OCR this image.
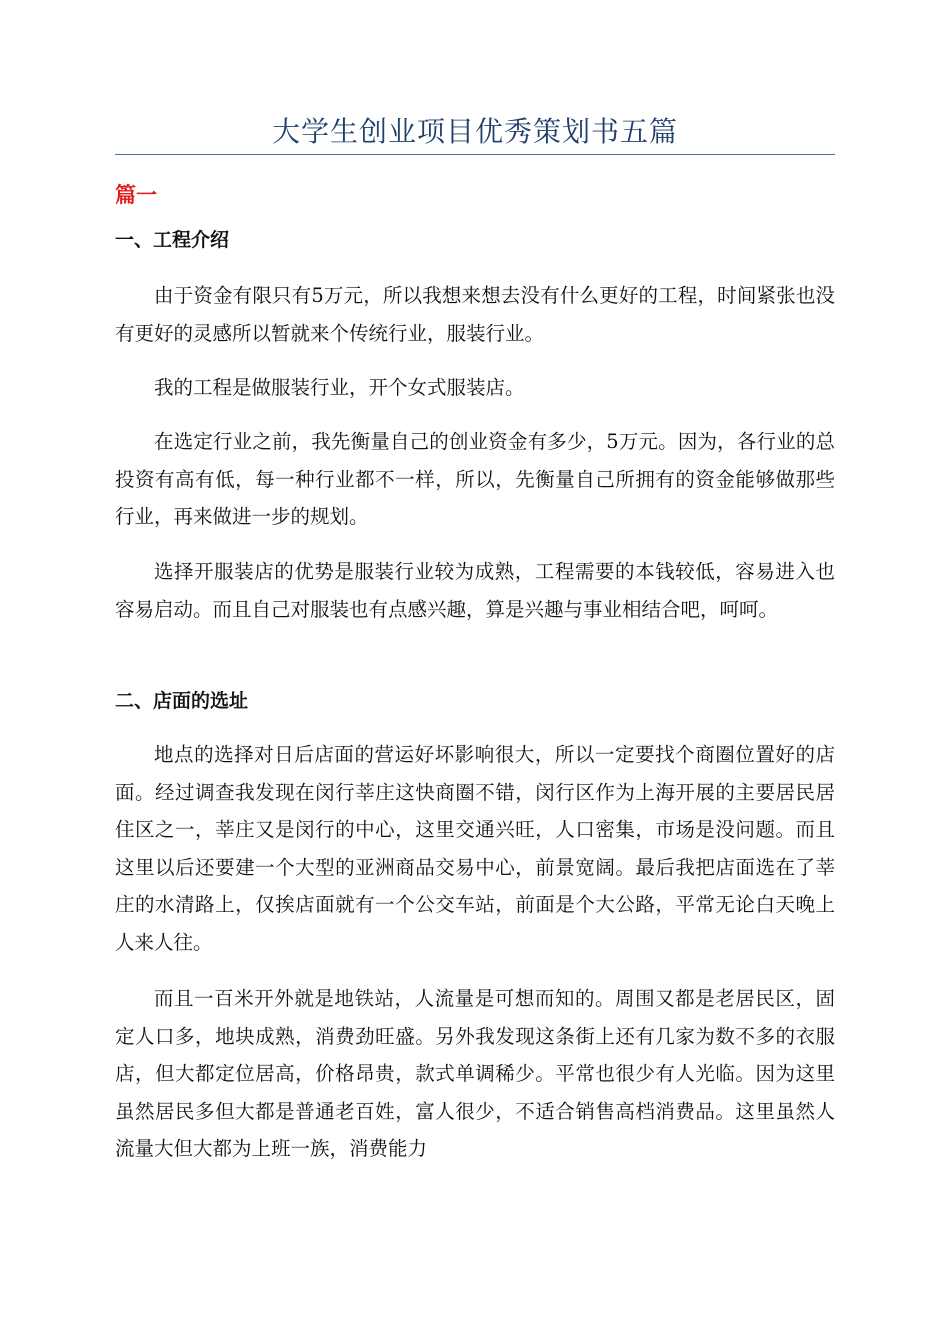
大学生创业项目优秀策划书五篇
篇一
一、工程介绍

由于资金有限只有5万元，所以我想来想去没有什么更好的工程，时间紧张也没有更好的灵感所以暂就来个传统行业，服装行业。

我的工程是做服装行业，开个女式服装店。

在选定行业之前，我先衡量自己的创业资金有多少，5万元。因为，各行业的总投资有高有低，每一种行业都不一样，所以，先衡量自己所拥有的资金能够做那些行业，再来做进一步的规划。

选择开服装店的优势是服装行业较为成熟，工程需要的本钱较低，容易进入也容易启动。而且自己对服装也有点感兴趣，算是兴趣与事业相结合吧，呵呵。

二、店面的选址

地点的选择对日后店面的营运好坏影响很大，所以一定要找个商圈位置好的店面。经过调查我发现在闵行莘庄这快商圈不错，闵行区作为上海开展的主要居民居住区之一，莘庄又是闵行的中心，这里交通兴旺，人口密集，市场是没问题。而且这里以后还要建一个大型的亚洲商品交易中心，前景宽阔。最后我把店面选在了莘庄的水清路上，仅挨店面就有一个公交车站，前面是个大公路，平常无论白天晚上人来人往。

而且一百米开外就是地铁站，人流量是可想而知的。周围又都是老居民区，固定人口多，地块成熟，消费劲旺盛。另外我发现这条街上还有几家为数不多的衣服店，但大都定位居高，价格昂贵，款式单调稀少。平常也很少有人光临。因为这里虽然居民多但大都是普通老百姓，富人很少，不适合销售高档消费品。这里虽然人流量大但大都为上班一族，消费能力
